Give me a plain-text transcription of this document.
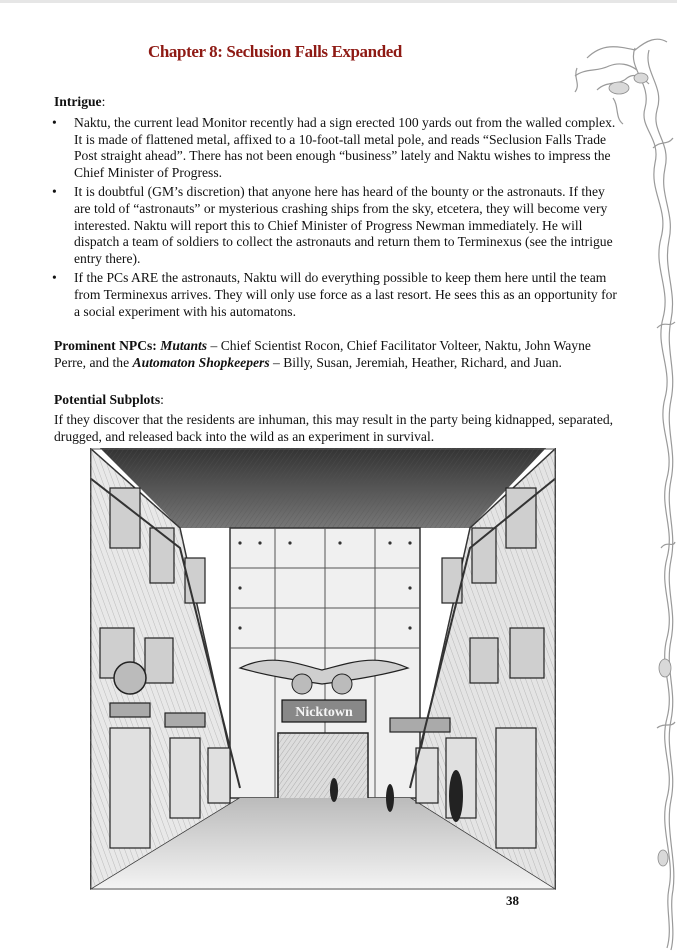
Chapter 8: Seclusion Falls Expanded
Intrigue:
• Naktu, the current lead Monitor recently had a sign erected 100 yards out from the walled complex. It is made of flattened metal, affixed to a 10-foot-tall metal pole, and reads “Seclusion Falls Trade Post straight ahead”. There has not been enough “business” lately and Naktu wishes to impress the Chief Minister of Progress.
• It is doubtful (GM’s discretion) that anyone here has heard of the bounty or the astronauts. If they are told of “astronauts” or mysterious crashing ships from the sky, etcetera, they will become very interested. Naktu will report this to Chief Minister of Progress Newman immediately. He will dispatch a team of soldiers to collect the astronauts and return them to Terminexus (see the intrigue entry there).
• If the PCs ARE the astronauts, Naktu will do everything possible to keep them here until the team from Terminexus arrives. They will only use force as a last resort. He sees this as an opportunity for a social experiment with his automatons.
Prominent NPCs: Mutants – Chief Scientist Rocon, Chief Facilitator Volteer, Naktu, John Wayne Perre, and the Automaton Shopkeepers – Billy, Susan, Jeremiah, Heather, Richard, and Juan.
Potential Subplots:
If they discover that the residents are inhuman, this may result in the party being kidnapped, separated, drugged, and released back into the wild as an experiment in survival.
Nicktown
38
